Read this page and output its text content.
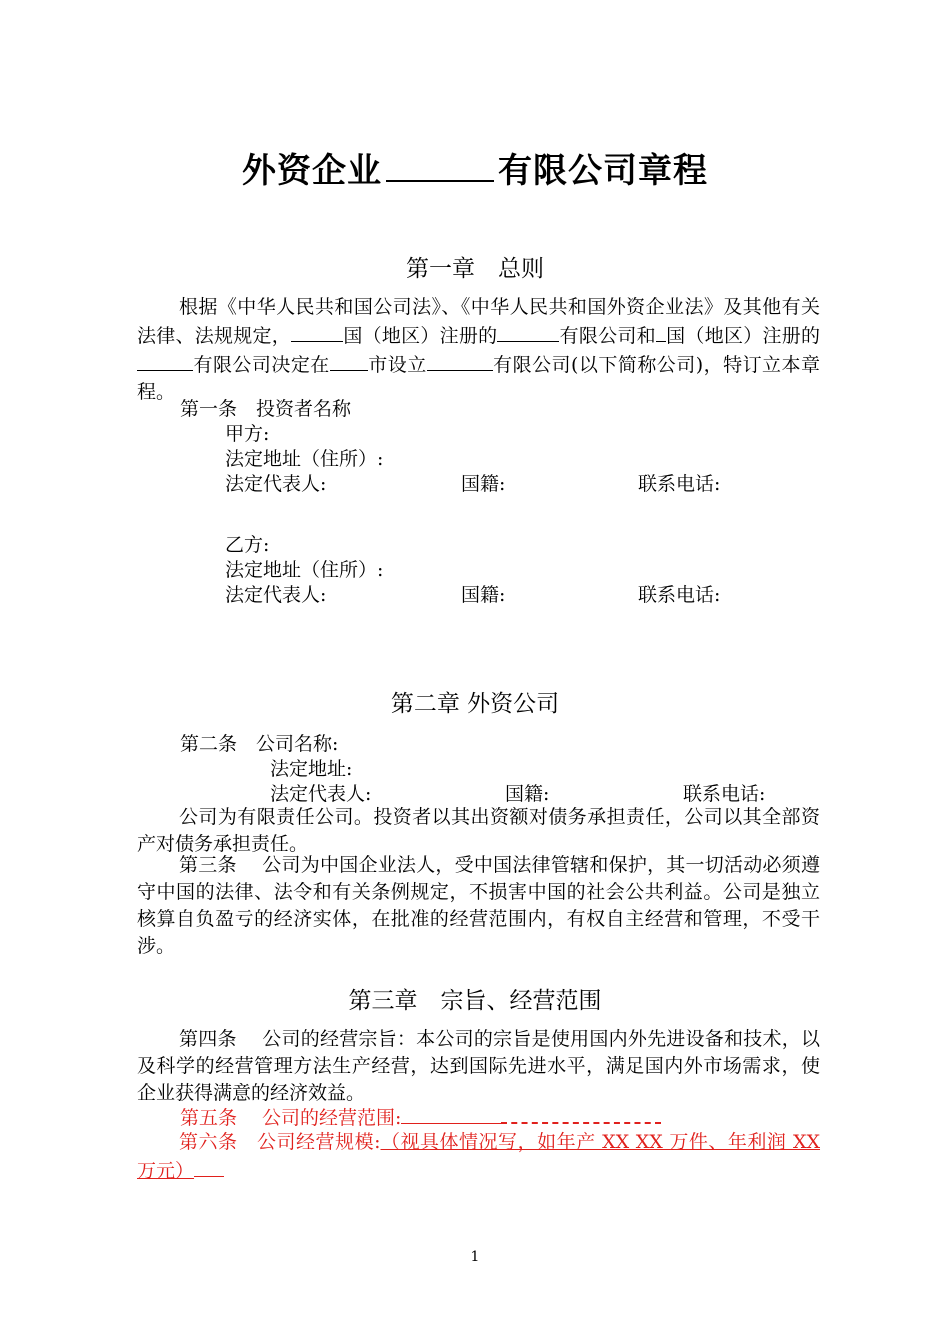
外资企业	有限公司章程
第一章　总则

根据《中华人民共和国公司法》、《中华人民共和国外资企业法》及其他有关法律、法规规定，	国（地区）注册的	有限公司和 国（地区）注册的有限公司决定在 市设立	有限公司(以下简称公司)，特订立本章程。

第一条　投资者名称

甲方:

法定地址（住所）:

法定代表人:	国籍:	联系电话:

乙方:

法定地址（住所）:

法定代表人:	国籍:	联系电话:

第二章 外资公司

第二条　公司名称:

法定地址:

法定代表人:	国籍:	联系电话:

公司为有限责任公司。投资者以其出资额对债务承担责任，公司以其全部资产对债务承担责任。

第三条　 公司为中国企业法人，受中国法律管辖和保护，其一切活动必须遵守中国的法律、法令和有关条例规定，不损害中国的社会公共利益。公司是独立核算自负盈亏的经济实体，在批准的经营范围内，有权自主经营和管理，不受干涉。

第三章　宗旨、经营范围

第四条　 公司的经营宗旨：本公司的宗旨是使用国内外先进设备和技术，以及科学的经营管理方法生产经营，达到国际先进水平，满足国内外市场需求，使企业获得满意的经济效益。

第五条　 公司的经营范围:

第六条　公司经营规模:（视具体情况写，如年产 XX XX 万件、年利润 XX 万元）

1
